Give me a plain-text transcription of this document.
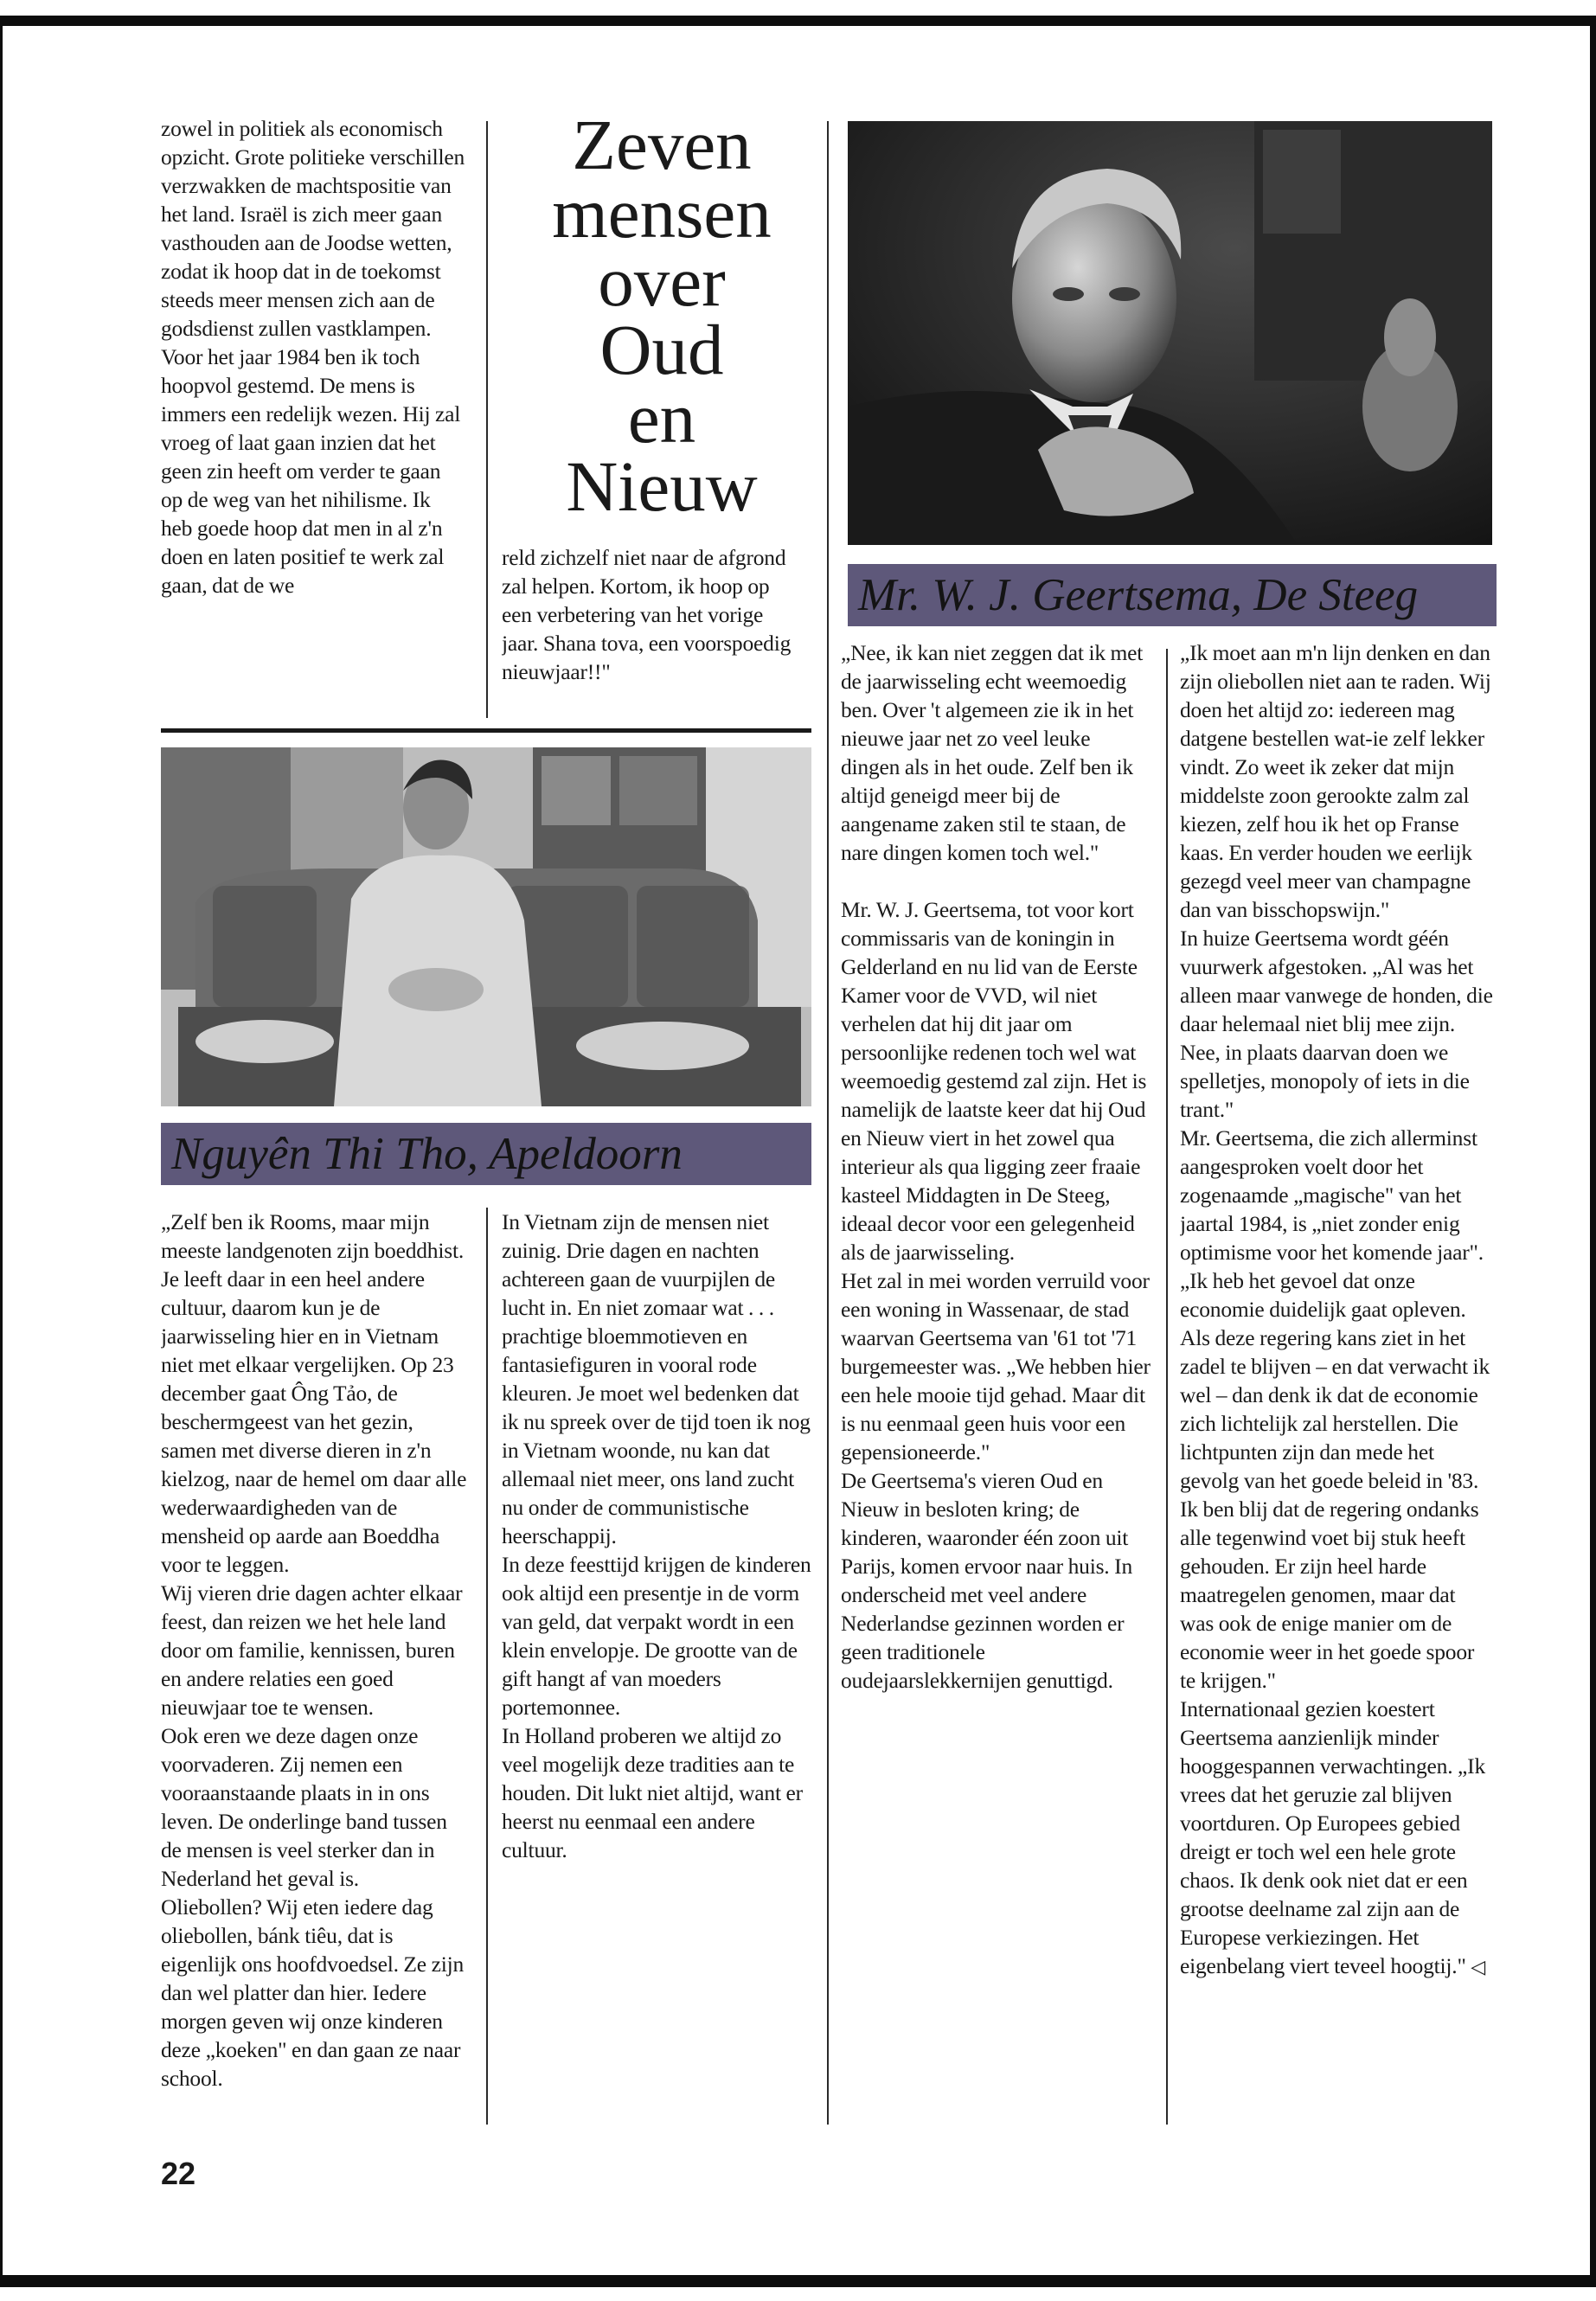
zowel in politiek als economisch opzicht. Grote politieke verschillen verzwakken de machtspositie van het land. Israël is zich meer gaan vasthouden aan de Joodse wetten, zodat ik hoop dat in de toekomst steeds meer mensen zich aan de godsdienst zullen vastklampen.

Voor het jaar 1984 ben ik toch hoopvol gestemd. De mens is immers een redelijk wezen. Hij zal vroeg of laat gaan inzien dat het geen zin heeft om verder te gaan op de weg van het nihilisme. Ik heb goede hoop dat men in al z'n doen en laten positief te werk zal gaan, dat de we

Zeven
mensen
over
Oud
en
Nieuw

reld zichzelf niet naar de afgrond zal helpen. Kortom, ik hoop op een verbetering van het vorige jaar. Shana tova, een voorspoedig nieuwjaar!!"

Mr. W. J. Geertsema, De Steeg
Nguyên Thi Tho, Apeldoorn

„Zelf ben ik Rooms, maar mijn meeste landgenoten zijn boeddhist. Je leeft daar in een heel andere cultuur, daarom kun je de jaarwisseling hier en in Vietnam niet met elkaar vergelijken. Op 23 december gaat Ông Tảo, de beschermgeest van het gezin, samen met diverse dieren in z'n kielzog, naar de hemel om daar alle wederwaardigheden van de mensheid op aarde aan Boeddha voor te leggen.

Wij vieren drie dagen achter elkaar feest, dan reizen we het hele land door om familie, kennissen, buren en andere relaties een goed nieuwjaar toe te wensen.

Ook eren we deze dagen onze voorvaderen. Zij nemen een vooraanstaande plaats in in ons leven. De onderlinge band tussen de mensen is veel sterker dan in Nederland het geval is.

Oliebollen? Wij eten iedere dag oliebollen, bánk tiêu, dat is eigenlijk ons hoofdvoedsel. Ze zijn dan wel platter dan hier. Iedere morgen geven wij onze kinderen deze „koeken" en dan gaan ze naar school.

In Vietnam zijn de mensen niet zuinig. Drie dagen en nachten achtereen gaan de vuurpijlen de lucht in. En niet zomaar wat . . . prachtige bloemmotieven en fantasiefiguren in vooral rode kleuren. Je moet wel bedenken dat ik nu spreek over de tijd toen ik nog in Vietnam woonde, nu kan dat allemaal niet meer, ons land zucht nu onder de communistische heerschappij.

In deze feesttijd krijgen de kinderen ook altijd een presentje in de vorm van geld, dat verpakt wordt in een klein envelopje. De grootte van de gift hangt af van moeders portemonnee.

In Holland proberen we altijd zo veel mogelijk deze tradities aan te houden. Dit lukt niet altijd, want er heerst nu eenmaal een andere cultuur.

„Nee, ik kan niet zeggen dat ik met de jaarwisseling echt weemoedig ben. Over 't algemeen zie ik in het nieuwe jaar net zo veel leuke dingen als in het oude. Zelf ben ik altijd geneigd meer bij de aangename zaken stil te staan, de nare dingen komen toch wel."

Mr. W. J. Geertsema, tot voor kort commissaris van de koningin in Gelderland en nu lid van de Eerste Kamer voor de VVD, wil niet verhelen dat hij dit jaar om persoonlijke redenen toch wel wat weemoedig gestemd zal zijn. Het is namelijk de laatste keer dat hij Oud en Nieuw viert in het zowel qua interieur als qua ligging zeer fraaie kasteel Middagten in De Steeg, ideaal decor voor een gelegenheid als de jaarwisseling.

Het zal in mei worden verruild voor een woning in Wassenaar, de stad waarvan Geertsema van '61 tot '71 burgemeester was. „We hebben hier een hele mooie tijd gehad. Maar dit is nu eenmaal geen huis voor een gepensioneerde."

De Geertsema's vieren Oud en Nieuw in besloten kring; de kinderen, waaronder één zoon uit Parijs, komen ervoor naar huis. In onderscheid met veel andere Nederlandse gezinnen worden er geen traditionele oudejaarslekkernijen genuttigd.

„Ik moet aan m'n lijn denken en dan zijn oliebollen niet aan te raden. Wij doen het altijd zo: iedereen mag datgene bestellen wat-ie zelf lekker vindt. Zo weet ik zeker dat mijn middelste zoon gerookte zalm zal kiezen, zelf hou ik het op Franse kaas. En verder houden we eerlijk gezegd veel meer van champagne dan van bisschopswijn."

In huize Geertsema wordt géén vuurwerk afgestoken. „Al was het alleen maar vanwege de honden, die daar helemaal niet blij mee zijn. Nee, in plaats daarvan doen we spelletjes, monopoly of iets in die trant."

Mr. Geertsema, die zich allerminst aangesproken voelt door het zogenaamde „magische" van het jaartal 1984, is „niet zonder enig optimisme voor het komende jaar". „Ik heb het gevoel dat onze economie duidelijk gaat opleven. Als deze regering kans ziet in het zadel te blijven – en dat verwacht ik wel – dan denk ik dat de economie zich lichtelijk zal herstellen. Die lichtpunten zijn dan mede het gevolg van het goede beleid in '83. Ik ben blij dat de regering ondanks alle tegenwind voet bij stuk heeft gehouden. Er zijn heel harde maatregelen genomen, maar dat was ook de enige manier om de economie weer in het goede spoor te krijgen."

Internationaal gezien koestert Geertsema aanzienlijk minder hooggespannen verwachtingen. „Ik vrees dat het geruzie zal blijven voortduren. Op Europees gebied dreigt er toch wel een hele grote chaos. Ik denk ook niet dat er een grootse deelname zal zijn aan de Europese verkiezingen. Het eigenbelang viert teveel hoogtij." ◁

22
